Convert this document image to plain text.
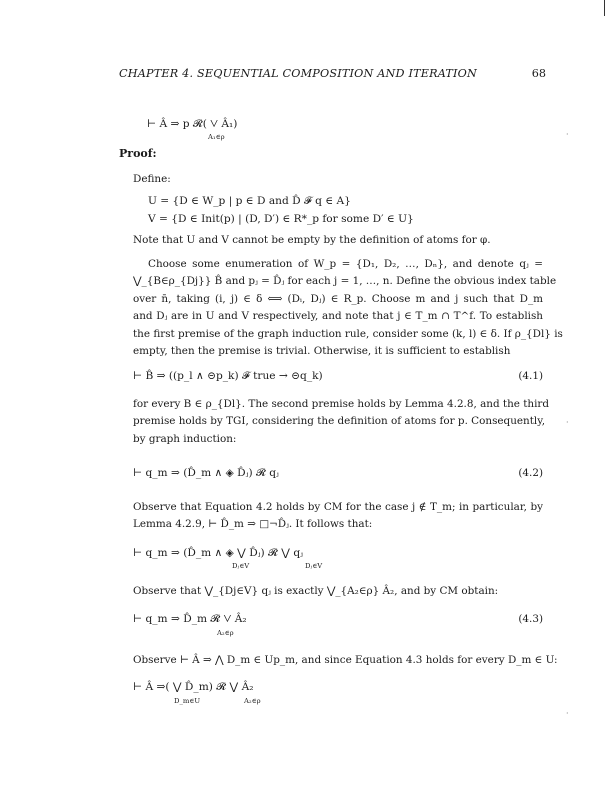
CHAPTER 4. SEQUENTIAL COMPOSITION AND ITERATION	68
⊢ Â ⇒ p 𝓡( ⋁ Â₁)
A₁∈ρ
Proof:
Define:
U = {D ∈ W_p | p ∈ D and D̂ 𝓕 q ∈ A}
V = {D ∈ Init(p) | (D, D′) ∈ R*_p for some D′ ∈ U}
Note that U and V cannot be empty by the definition of atoms for φ.
Choose some enumeration of W_p = {D₁, D₂, …, Dₙ}, and denote qⱼ =
⋁_{B∈ρ_{Dj}} B̂ and pⱼ = D̂ⱼ for each j = 1, …, n. Define the obvious index table
over n̄, taking (i, j) ∈ δ ⟺ (Dᵢ, Dⱼ) ∈ R_p. Choose m and j such that D_m
and Dⱼ are in U and V respectively, and note that j ∈ T_m ∩ T^f. To establish
the first premise of the graph induction rule, consider some (k, l) ∈ δ. If ρ_{Dl} is
empty, then the premise is trivial. Otherwise, it is sufficient to establish
⊢ B̂ ⇒ ((p_l ∧ ⊝p_k) 𝓕 true → ⊝q_k)	(4.1)
for every B ∈ ρ_{Dl}. The second premise holds by Lemma 4.2.8, and the third
premise holds by TGI, considering the definition of atoms for p. Consequently,
by graph induction:
⊢ q_m ⇒ (D̂_m ∧ ◈ D̂ⱼ) 𝓡 qⱼ	(4.2)
Observe that Equation 4.2 holds by CM for the case j ∉ T_m; in particular, by
Lemma 4.2.9, ⊢ D̂_m ⇒ □¬D̂ⱼ. It follows that:
⊢ q_m ⇒ (D̂_m ∧ ◈ ⋁ D̂ⱼ) 𝓡 ⋁ qⱼ
Dⱼ∈V	Dⱼ∈V
Observe that ⋁_{Dj∈V} qⱼ is exactly ⋁_{A₂∈ρ} Â₂, and by CM obtain:
⊢ q_m ⇒ D̂_m 𝓡 ⋁ Â₂	(4.3)
A₂∈ρ
Observe ⊢ Â ⇒ ⋀ D_m ∈ Up_m, and since Equation 4.3 holds for every D_m ∈ U:
⊢ Â ⇒( ⋁ D̂_m) 𝓡 ⋁ Â₂
D_m∈U	A₂∈ρ
·
·
·
